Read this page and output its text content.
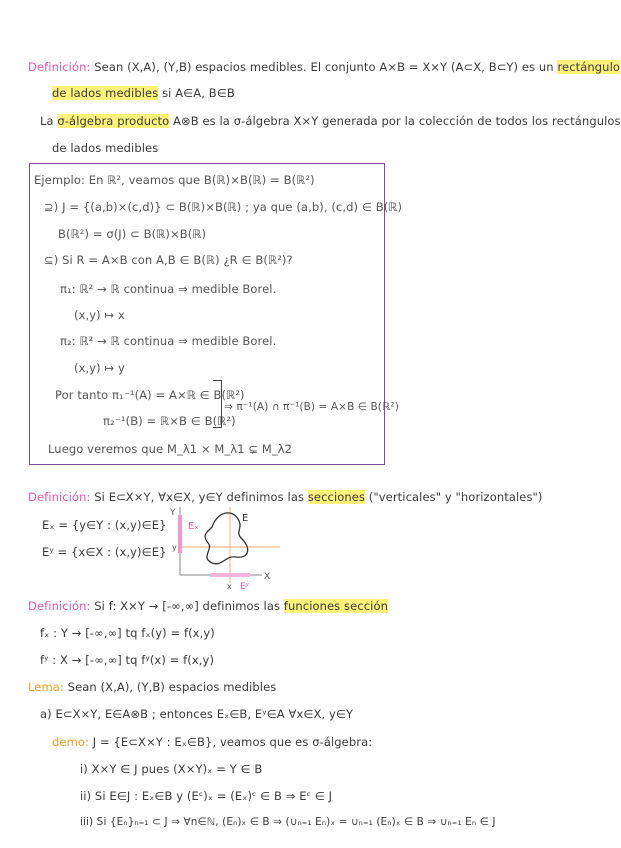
Definición: Sean (X,A), (Y,B) espacios medibles. El conjunto A×B = X×Y (A⊂X, B⊂Y) es un rectángulo
de lados medibles si A∈A, B∈B
La σ-álgebra producto A⊗B es la σ-álgebra X×Y generada por la colección de todos los rectángulos
de lados medibles
Ejemplo: En ℝ², veamos que B(ℝ)×B(ℝ) = B(ℝ²)
⊇) J = {(a,b)×(c,d)} ⊂ B(ℝ)×B(ℝ) ; ya que (a,b), (c,d) ∈ B(ℝ)
B(ℝ²) = σ(J) ⊂ B(ℝ)×B(ℝ)
⊆) Si R = A×B con A,B ∈ B(ℝ) ¿R ∈ B(ℝ²)?
π₁: ℝ² → ℝ continua ⇒ medible Borel.
(x,y) ↦ x
π₂: ℝ² → ℝ continua ⇒ medible Borel.
(x,y) ↦ y
Por tanto π₁⁻¹(A) = A×ℝ ∈ B(ℝ²)
π₂⁻¹(B) = ℝ×B ∈ B(ℝ²)
⇒ π⁻¹(A) ∩ π⁻¹(B) = A×B ∈ B(ℝ²)
Luego veremos que M_λ1 × M_λ1 ⊊ M_λ2
Definición: Si E⊂X×Y, ∀x∈X, y∈Y definimos las secciones ("verticales" y "horizontales")
Eₓ = {y∈Y : (x,y)∈E}
Eʸ = {x∈X : (x,y)∈E}
Y
X
Eₓ
E
Eʸ
x
y
Definición: Si f: X×Y → [-∞,∞] definimos las funciones sección
fₓ : Y → [-∞,∞] tq fₓ(y) = f(x,y)
fʸ : X → [-∞,∞] tq fʸ(x) = f(x,y)
Lema: Sean (X,A), (Y,B) espacios medibles
a) E⊂X×Y, E∈A⊗B ; entonces Eₓ∈B, Eʸ∈A ∀x∈X, y∈Y
demo: J = {E⊂X×Y : Eₓ∈B}, veamos que es σ-álgebra:
i) X×Y ∈ J pues (X×Y)ₓ = Y ∈ B
ii) Si E∈J : Eₓ∈B y (Eᶜ)ₓ = (Eₓ)ᶜ ∈ B ⇒ Eᶜ ∈ J
iii) Si {Eₙ}ₙ₌₁ ⊂ J ⇒ ∀n∈ℕ, (Eₙ)ₓ ∈ B ⇒ (∪ₙ₌₁ Eₙ)ₓ = ∪ₙ₌₁ (Eₙ)ₓ ∈ B ⇒ ∪ₙ₌₁ Eₙ ∈ J
